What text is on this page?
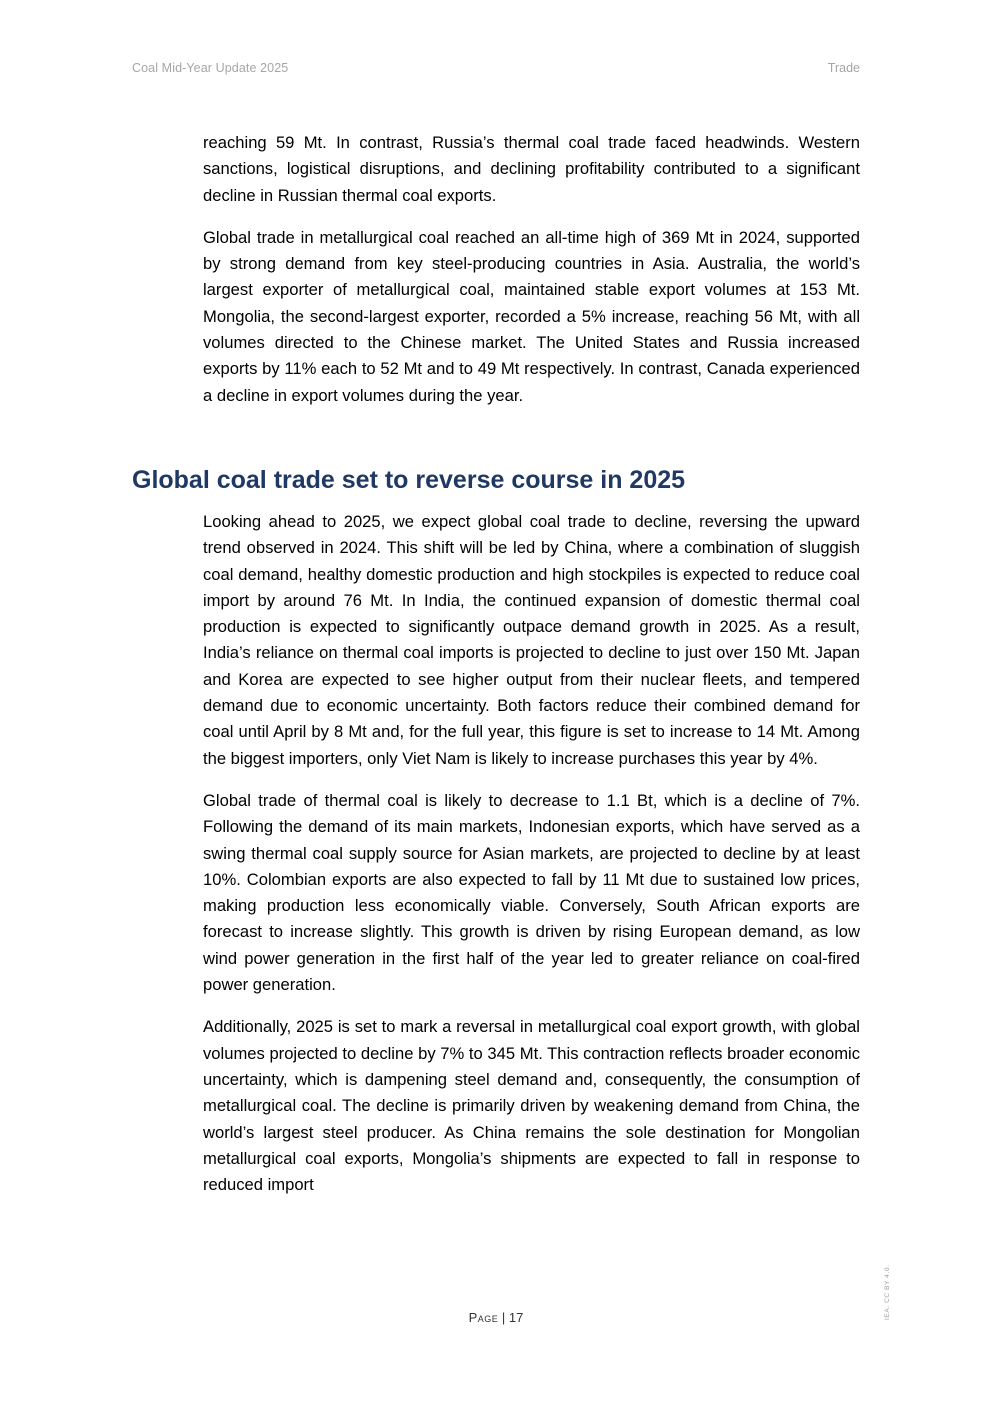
Coal Mid-Year Update 2025	Trade

reaching 59 Mt. In contrast, Russia’s thermal coal trade faced headwinds. Western sanctions, logistical disruptions, and declining profitability contributed to a significant decline in Russian thermal coal exports.

Global trade in metallurgical coal reached an all-time high of 369 Mt in 2024, supported by strong demand from key steel-producing countries in Asia. Australia, the world’s largest exporter of metallurgical coal, maintained stable export volumes at 153 Mt. Mongolia, the second-largest exporter, recorded a 5% increase, reaching 56 Mt, with all volumes directed to the Chinese market. The United States and Russia increased exports by 11% each to 52 Mt and to 49 Mt respectively. In contrast, Canada experienced a decline in export volumes during the year.

Global coal trade set to reverse course in 2025

Looking ahead to 2025, we expect global coal trade to decline, reversing the upward trend observed in 2024. This shift will be led by China, where a combination of sluggish coal demand, healthy domestic production and high stockpiles is expected to reduce coal import by around 76 Mt. In India, the continued expansion of domestic thermal coal production is expected to significantly outpace demand growth in 2025. As a result, India’s reliance on thermal coal imports is projected to decline to just over 150 Mt. Japan and Korea are expected to see higher output from their nuclear fleets, and tempered demand due to economic uncertainty. Both factors reduce their combined demand for coal until April by 8 Mt and, for the full year, this figure is set to increase to 14 Mt. Among the biggest importers, only Viet Nam is likely to increase purchases this year by 4%.

Global trade of thermal coal is likely to decrease to 1.1 Bt, which is a decline of 7%. Following the demand of its main markets, Indonesian exports, which have served as a swing thermal coal supply source for Asian markets, are projected to decline by at least 10%. Colombian exports are also expected to fall by 11 Mt due to sustained low prices, making production less economically viable. Conversely, South African exports are forecast to increase slightly. This growth is driven by rising European demand, as low wind power generation in the first half of the year led to greater reliance on coal-fired power generation.

Additionally, 2025 is set to mark a reversal in metallurgical coal export growth, with global volumes projected to decline by 7% to 345 Mt. This contraction reflects broader economic uncertainty, which is dampening steel demand and, consequently, the consumption of metallurgical coal. The decline is primarily driven by weakening demand from China, the world’s largest steel producer. As China remains the sole destination for Mongolian metallurgical coal exports, Mongolia’s shipments are expected to fall in response to reduced import

Page | 17	IEA. CC BY 4.0.
